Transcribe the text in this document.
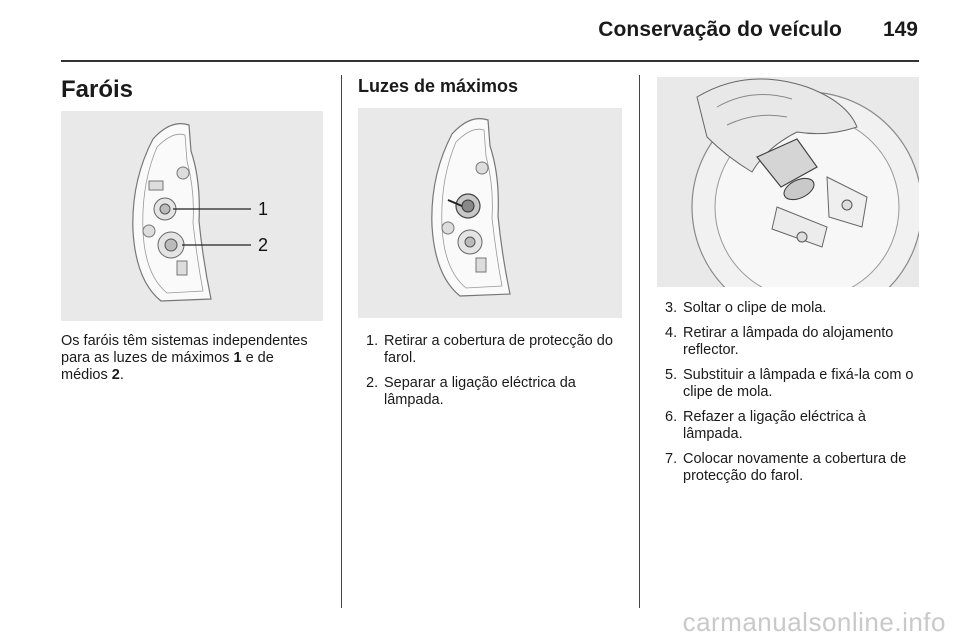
Conservação do veículo 149
Faróis
1
2
Os faróis têm sistemas independentes para as luzes de máximos 1 e de médios 2.
Luzes de máximos
1. Retirar a cobertura de protecção do farol.
2. Separar a ligação eléctrica da lâmpada.
3. Soltar o clipe de mola.
4. Retirar a lâmpada do alojamento reflector.
5. Substituir a lâmpada e fixá-la com o clipe de mola.
6. Refazer a ligação eléctrica à lâmpada.
7. Colocar novamente a cobertura de protecção do farol.
carmanualsonline.info
